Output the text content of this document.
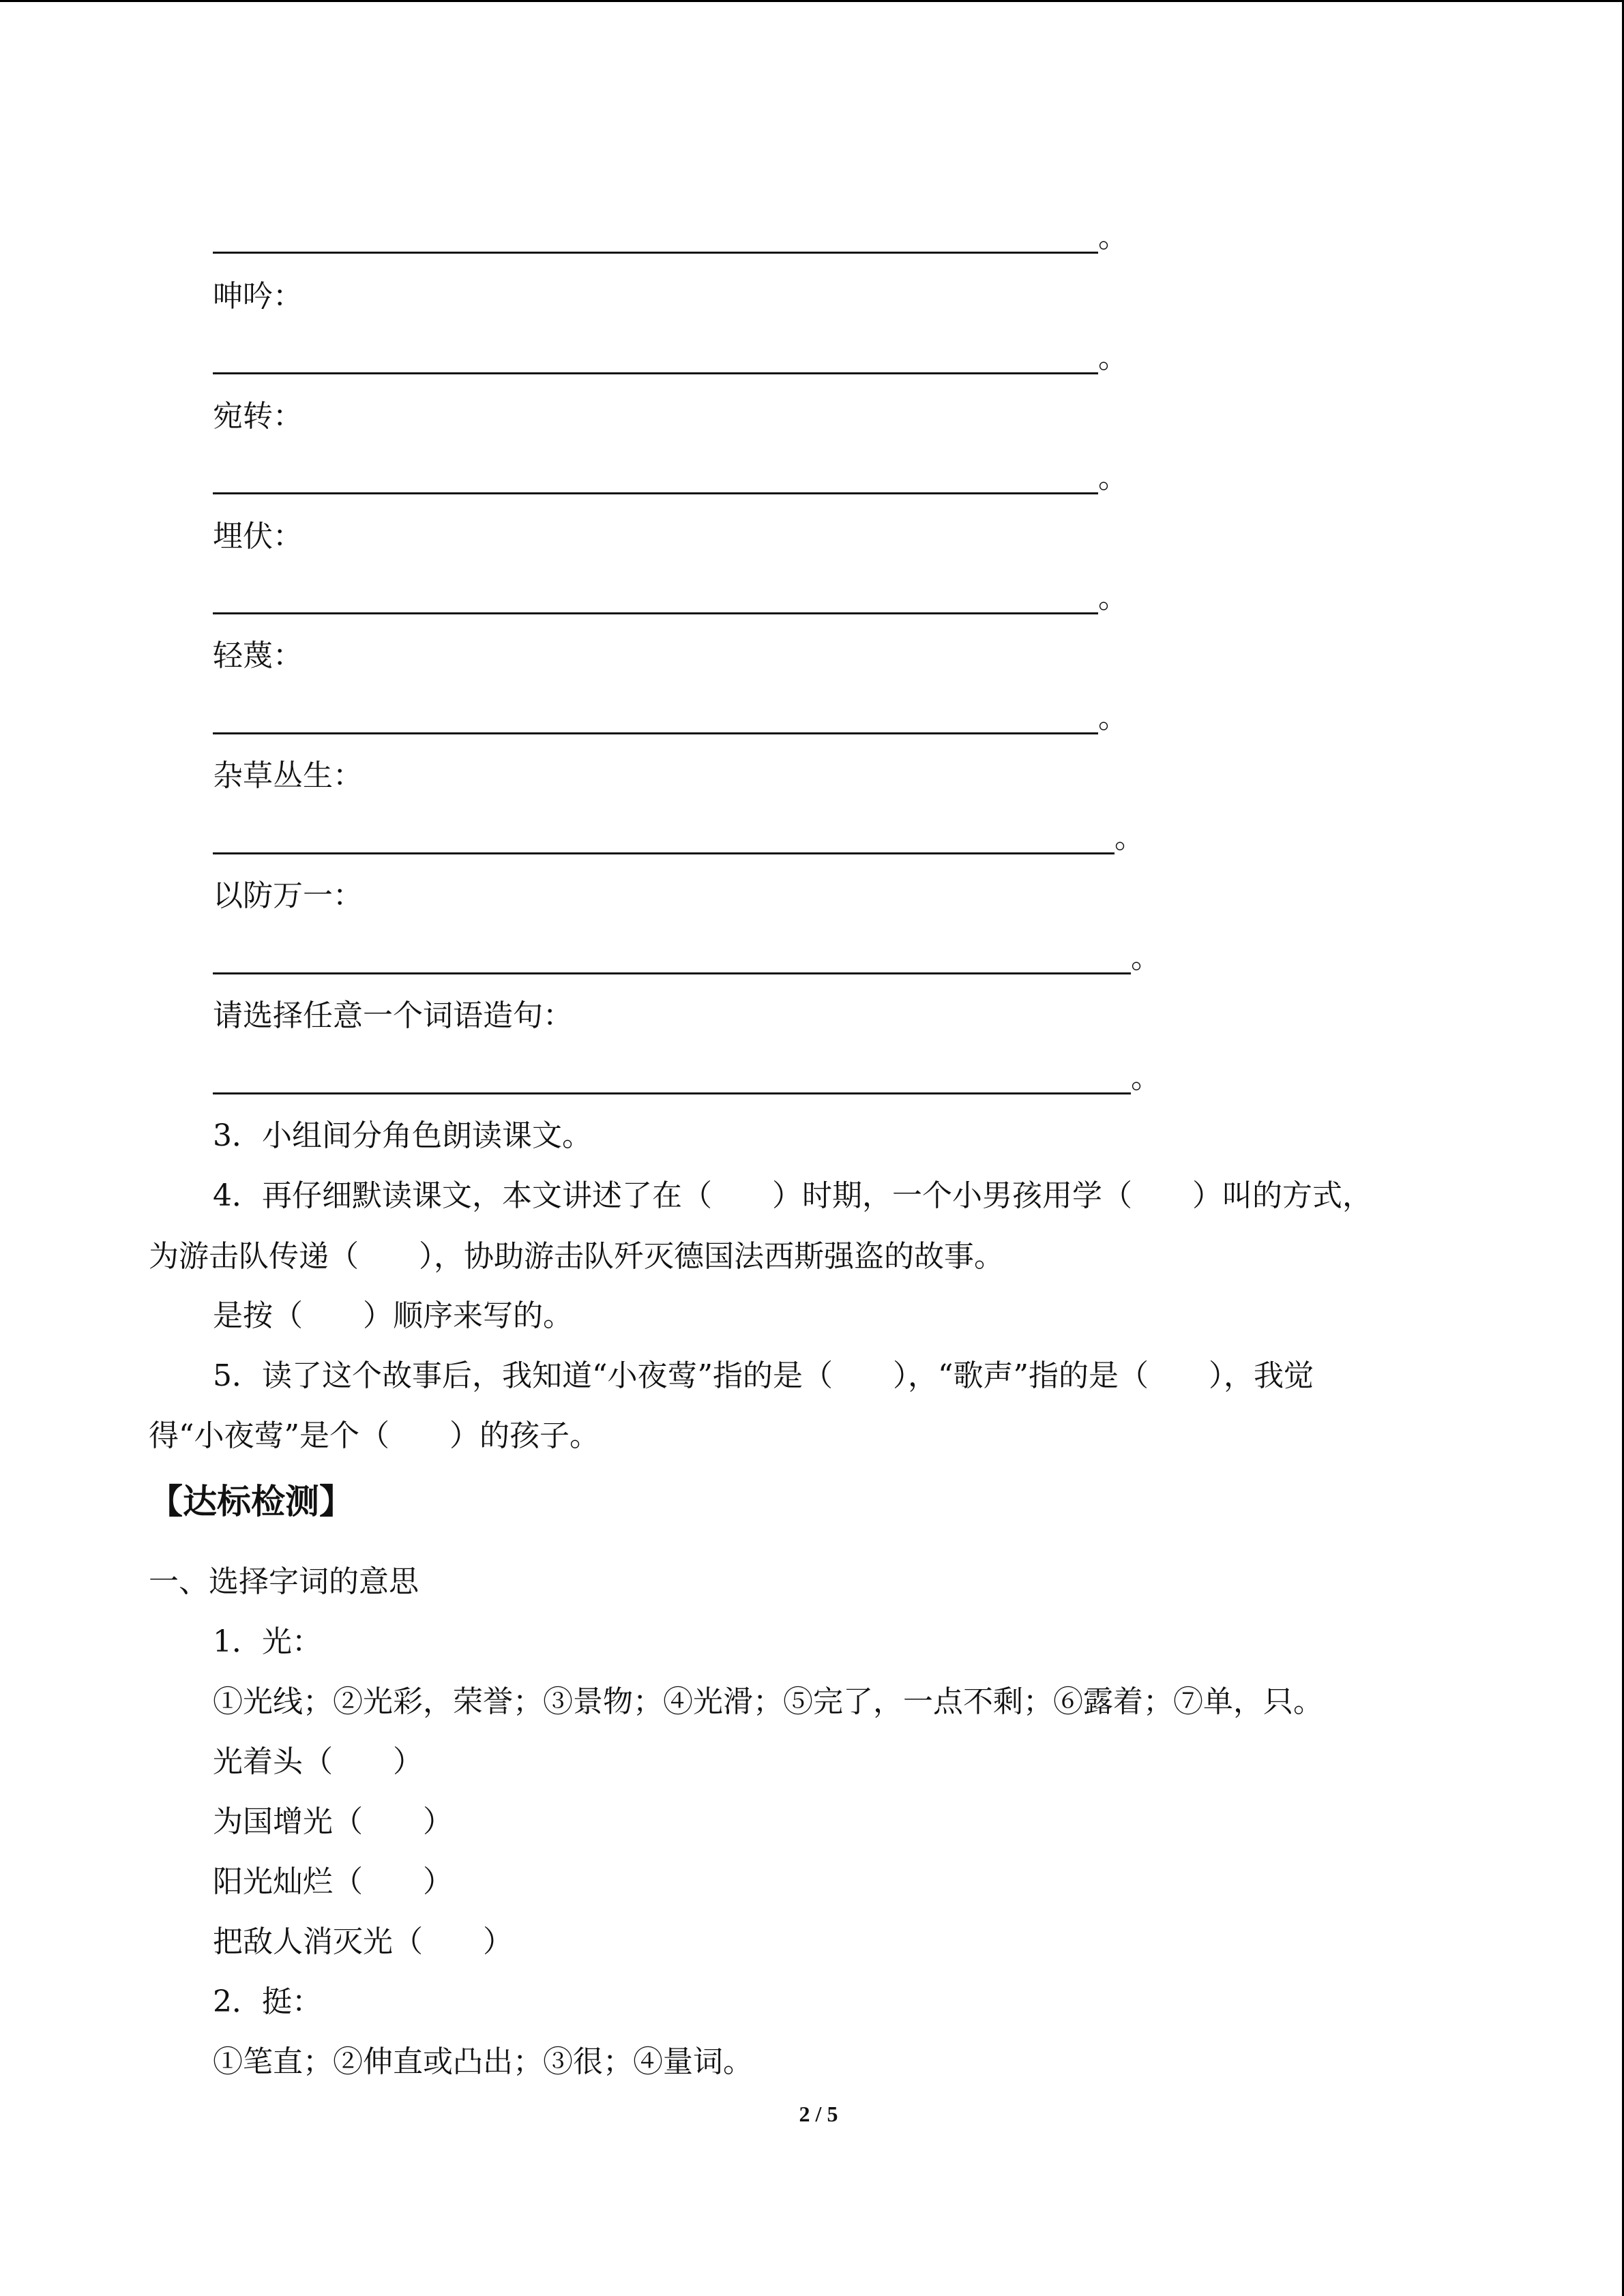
。
呻吟：
。
宛转：
。
埋伏：
。
轻蔑：
。
杂草丛生：
。
以防万一：
。
请选择任意一个词语造句：
。
3．小组间分角色朗读课文。
4．再仔细默读课文，本文讲述了在（　　）时期，一个小男孩用学（　　）叫的方式，
为游击队传递（　　），协助游击队歼灭德国法西斯强盗的故事。
是按（　　）顺序来写的。
5．读了这个故事后，我知道“小夜莺”指的是（　　），“歌声”指的是（　　），我觉
得“小夜莺”是个（　　）的孩子。
【达标检测】
一、选择字词的意思
1．光：
①光线；②光彩，荣誉；③景物；④光滑；⑤完了，一点不剩；⑥露着；⑦单，只。
光着头（　　）
为国增光（　　）
阳光灿烂（　　）
把敌人消灭光（　　）
2．挺：
①笔直；②伸直或凸出；③很；④量词。
2 / 5
